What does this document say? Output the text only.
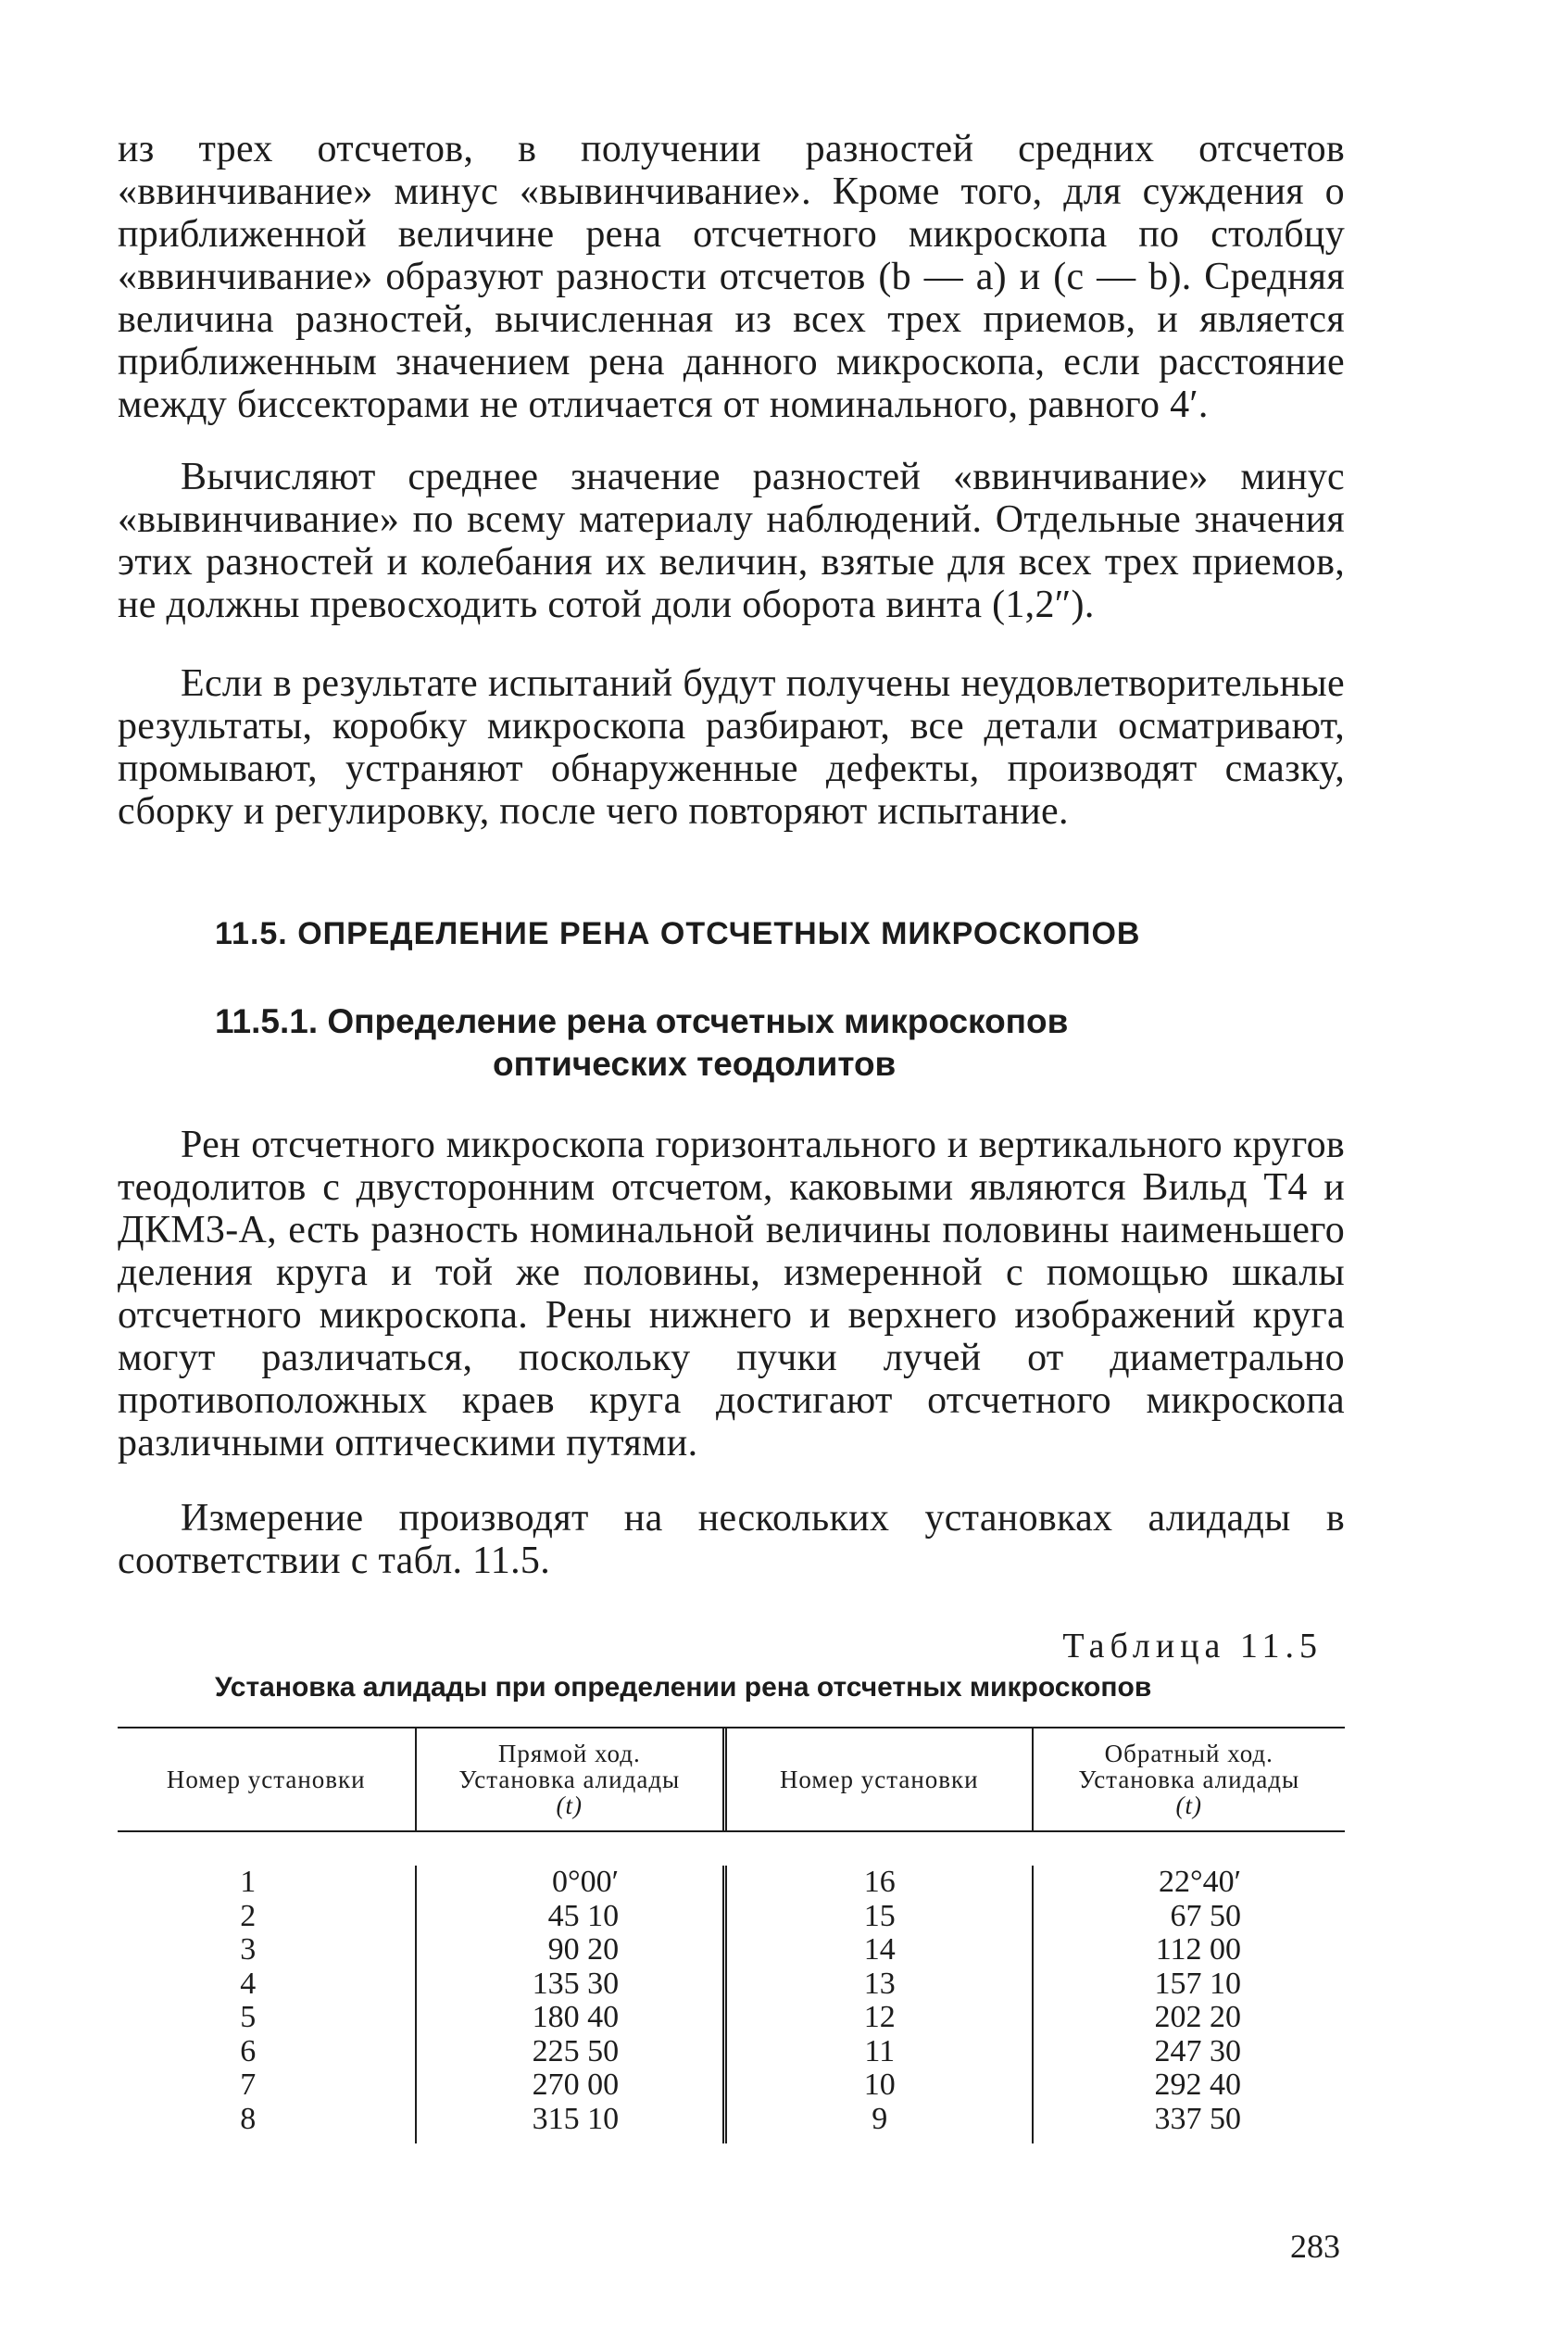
из трех отсчетов, в получении разностей средних отсчетов «ввинчивание» минус «вывинчивание». Кроме того, для суждения о приближенной величине рена отсчетного микроскопа по столбцу «ввинчивание» образуют разности отсчетов (b — a) и (c — b). Средняя величина разностей, вычисленная из всех трех приемов, и является приближенным значением рена данного микроскопа, если расстояние между биссекторами не отличается от номинального, равного 4′.

Вычисляют среднее значение разностей «ввинчивание» минус «вывинчивание» по всему материалу наблюдений. Отдельные значения этих разностей и колебания их величин, взятые для всех трех приемов, не должны превосходить сотой доли оборота винта (1,2″).

Если в результате испытаний будут получены неудовлетворительные результаты, коробку микроскопа разбирают, все детали осматривают, промывают, устраняют обнаруженные дефекты, производят смазку, сборку и регулировку, после чего повторяют испытание.

11.5. ОПРЕДЕЛЕНИЕ РЕНА ОТСЧЕТНЫХ МИКРОСКОПОВ
11.5.1. Определение рена отсчетных микроскопов
оптических теодолитов

Рен отсчетного микроскопа горизонтального и вертикального кругов теодолитов с двусторонним отсчетом, каковыми являются Вильд Т4 и ДКМ3-А, есть разность номинальной величины половины наименьшего деления круга и той же половины, измеренной с помощью шкалы отсчетного микроскопа. Рены нижнего и верхнего изображений круга могут различаться, поскольку пучки лучей от диаметрально противоположных краев круга достигают отсчетного микроскопа различными оптическими путями.

Измерение производят на нескольких установках алидады в соответствии с табл. 11.5.

Таблица 11.5
Установка алидады при определении рена отсчетных микроскопов
Номер установки
Прямой ход.
Установка алидады
(t)
Номер установки
Обратный ход.
Установка алидады
(t)
1
2
3
4
5
6
7
8
0°00′
45 10
90 20
135 30
180 40
225 50
270 00
315 10
16
15
14
13
12
11
10
9
22°40′
67 50
112 00
157 10
202 20
247 30
292 40
337 50
283
